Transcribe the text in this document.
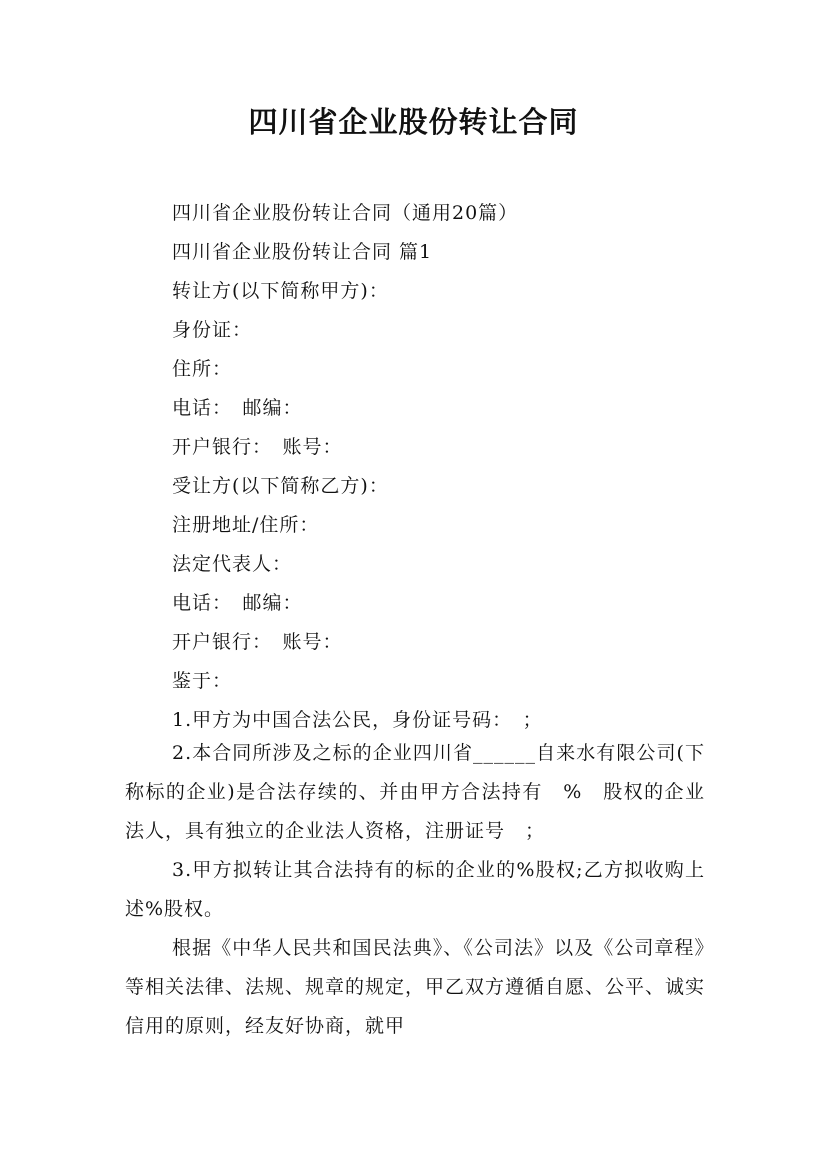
四川省企业股份转让合同
四川省企业股份转让合同（通用20篇）
四川省企业股份转让合同 篇1
转让方(以下简称甲方)：
身份证：
住所：
电话：　邮编：
开户银行：　账号：
受让方(以下简称乙方)：
注册地址/住所：
法定代表人：
电话：　邮编：
开户银行：　账号：
鉴于：
1.甲方为中国合法公民，身份证号码：　；
2.本合同所涉及之标的企业四川省______自来水有限公司(下称标的企业)是合法存续的、并由甲方合法持有　%　股权的企业法人，具有独立的企业法人资格，注册证号　；
3.甲方拟转让其合法持有的标的企业的%股权;乙方拟收购上述%股权。
根据《中华人民共和国民法典》、《公司法》以及《公司章程》等相关法律、法规、规章的规定，甲乙双方遵循自愿、公平、诚实信用的原则，经友好协商，就甲
